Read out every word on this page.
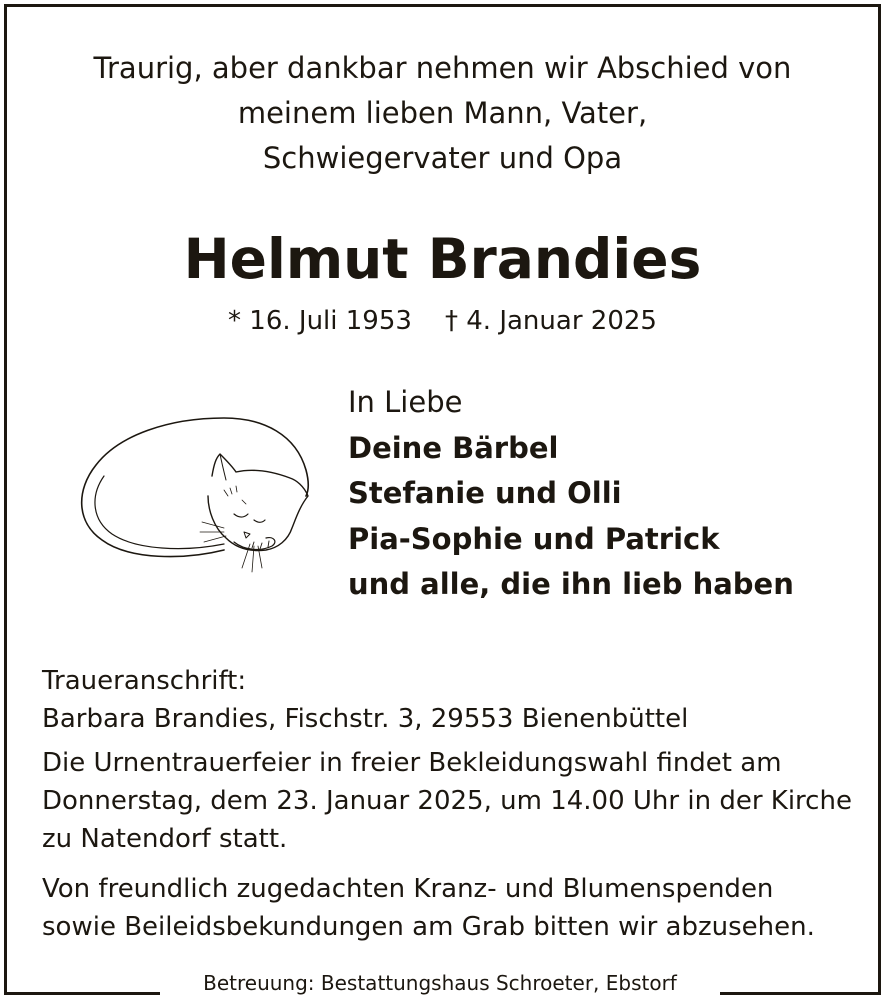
Traurig, aber dankbar nehmen wir Abschied von
meinem lieben Mann, Vater,
Schwiegervater und Opa
Helmut Brandies
* 16. Juli 1953 † 4. Januar 2025
In Liebe
Deine Bärbel
Stefanie und Olli
Pia-Sophie und Patrick
und alle, die ihn lieb haben

Traueranschrift:

Barbara Brandies, Fischstr. 3, 29553 Bienenbüttel

Die Urnentrauerfeier in freier Bekleidungswahl findet am

Donnerstag, dem 23. Januar 2025, um 14.00 Uhr in der Kirche

zu Natendorf statt.

Von freundlich zugedachten Kranz- und Blumenspenden

sowie Beileidsbekundungen am Grab bitten wir abzusehen.

Betreuung: Bestattungshaus Schroeter, Ebstorf
